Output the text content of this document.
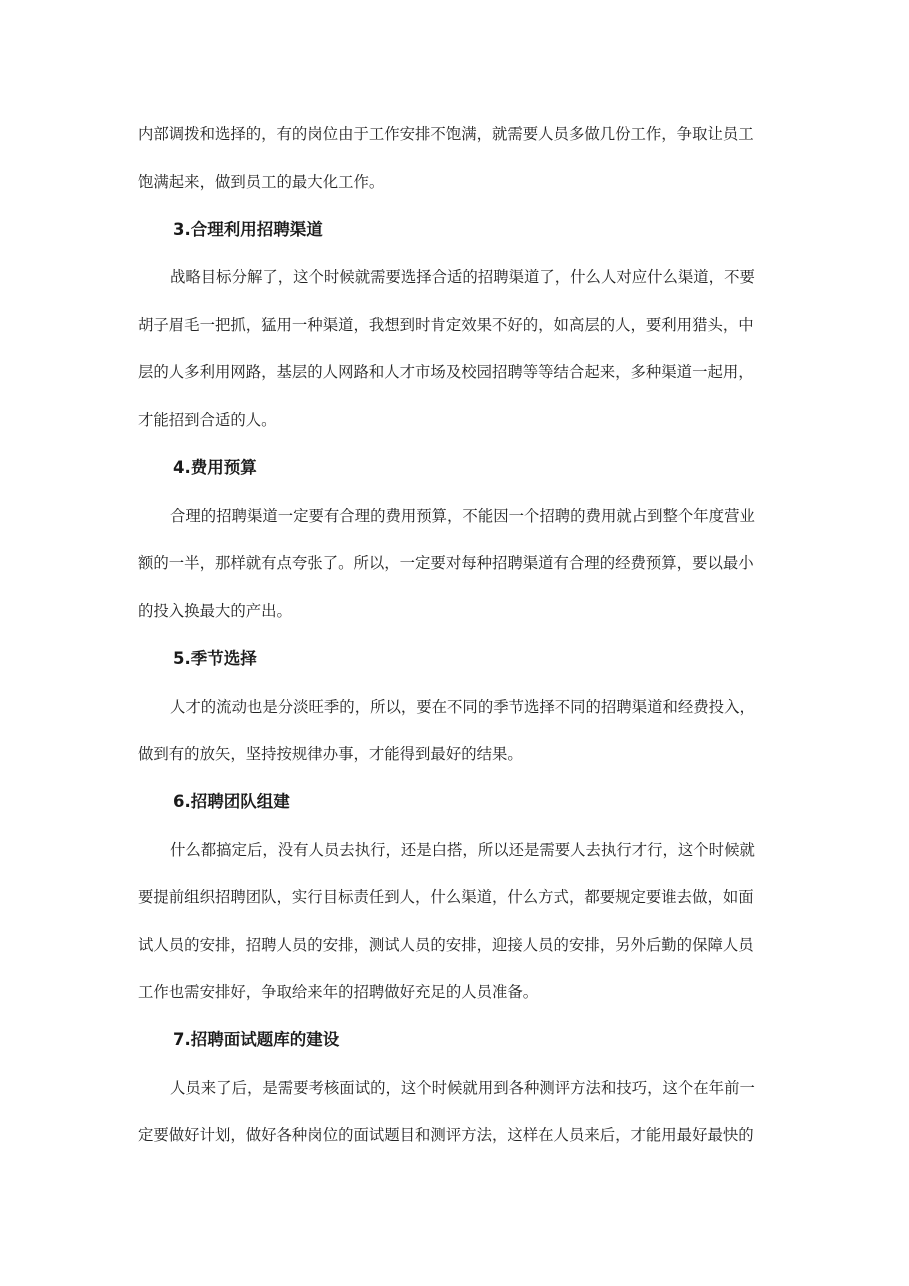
内部调拨和选择的，有的岗位由于工作安排不饱满，就需要人员多做几份工作，争取让员工
饱满起来，做到员工的最大化工作。
3.合理利用招聘渠道
战略目标分解了，这个时候就需要选择合适的招聘渠道了，什么人对应什么渠道，不要
胡子眉毛一把抓，猛用一种渠道，我想到时肯定效果不好的，如高层的人，要利用猎头，中
层的人多利用网路，基层的人网路和人才市场及校园招聘等等结合起来，多种渠道一起用，
才能招到合适的人。
4.费用预算
合理的招聘渠道一定要有合理的费用预算，不能因一个招聘的费用就占到整个年度营业
额的一半，那样就有点夸张了。所以，一定要对每种招聘渠道有合理的经费预算，要以最小
的投入换最大的产出。
5.季节选择
人才的流动也是分淡旺季的，所以，要在不同的季节选择不同的招聘渠道和经费投入，
做到有的放矢，坚持按规律办事，才能得到最好的结果。
6.招聘团队组建
什么都搞定后，没有人员去执行，还是白搭，所以还是需要人去执行才行，这个时候就
要提前组织招聘团队，实行目标责任到人，什么渠道，什么方式，都要规定要谁去做，如面
试人员的安排，招聘人员的安排，测试人员的安排，迎接人员的安排，另外后勤的保障人员
工作也需安排好，争取给来年的招聘做好充足的人员准备。
7.招聘面试题库的建设
人员来了后，是需要考核面试的，这个时候就用到各种测评方法和技巧，这个在年前一
定要做好计划，做好各种岗位的面试题目和测评方法，这样在人员来后，才能用最好最快的
